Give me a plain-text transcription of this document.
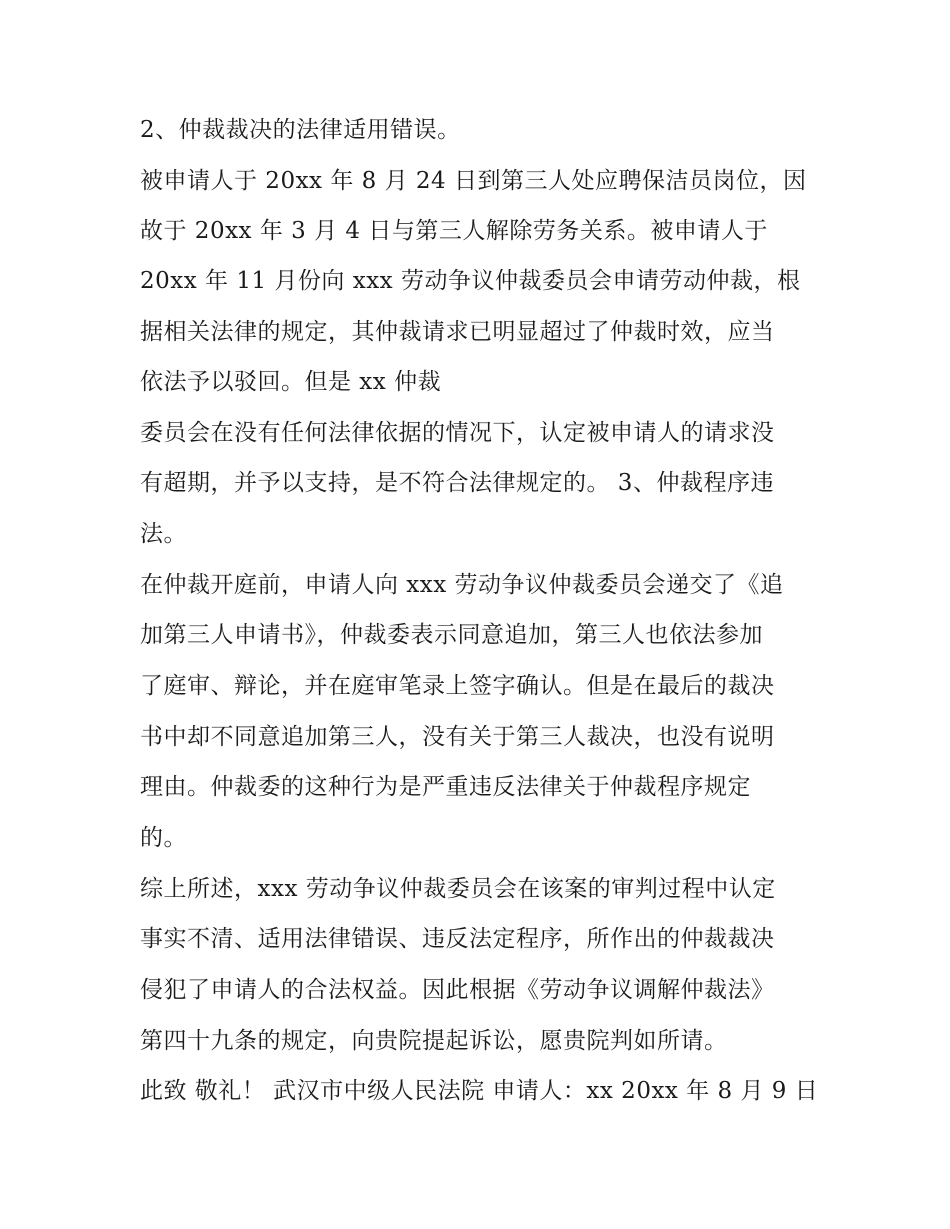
2、仲裁裁决的法律适用错误。
被申请人于 20xx 年 8 月 24 日到第三人处应聘保洁员岗位，因
故于 20xx 年 3 月 4 日与第三人解除劳务关系。被申请人于
20xx 年 11 月份向 xxx 劳动争议仲裁委员会申请劳动仲裁，根
据相关法律的规定，其仲裁请求已明显超过了仲裁时效，应当
依法予以驳回。但是 xx 仲裁
委员会在没有任何法律依据的情况下，认定被申请人的请求没
有超期，并予以支持，是不符合法律规定的。 3、仲裁程序违
法。
在仲裁开庭前，申请人向 xxx 劳动争议仲裁委员会递交了《追
加第三人申请书》，仲裁委表示同意追加，第三人也依法参加
了庭审、辩论，并在庭审笔录上签字确认。但是在最后的裁决
书中却不同意追加第三人，没有关于第三人裁决，也没有说明
理由。仲裁委的这种行为是严重违反法律关于仲裁程序规定
的。
综上所述，xxx 劳动争议仲裁委员会在该案的审判过程中认定
事实不清、适用法律错误、违反法定程序，所作出的仲裁裁决
侵犯了申请人的合法权益。因此根据《劳动争议调解仲裁法》
第四十九条的规定，向贵院提起诉讼，愿贵院判如所请。
此致 敬礼！ 武汉市中级人民法院 申请人：xx 20xx 年 8 月 9 日
